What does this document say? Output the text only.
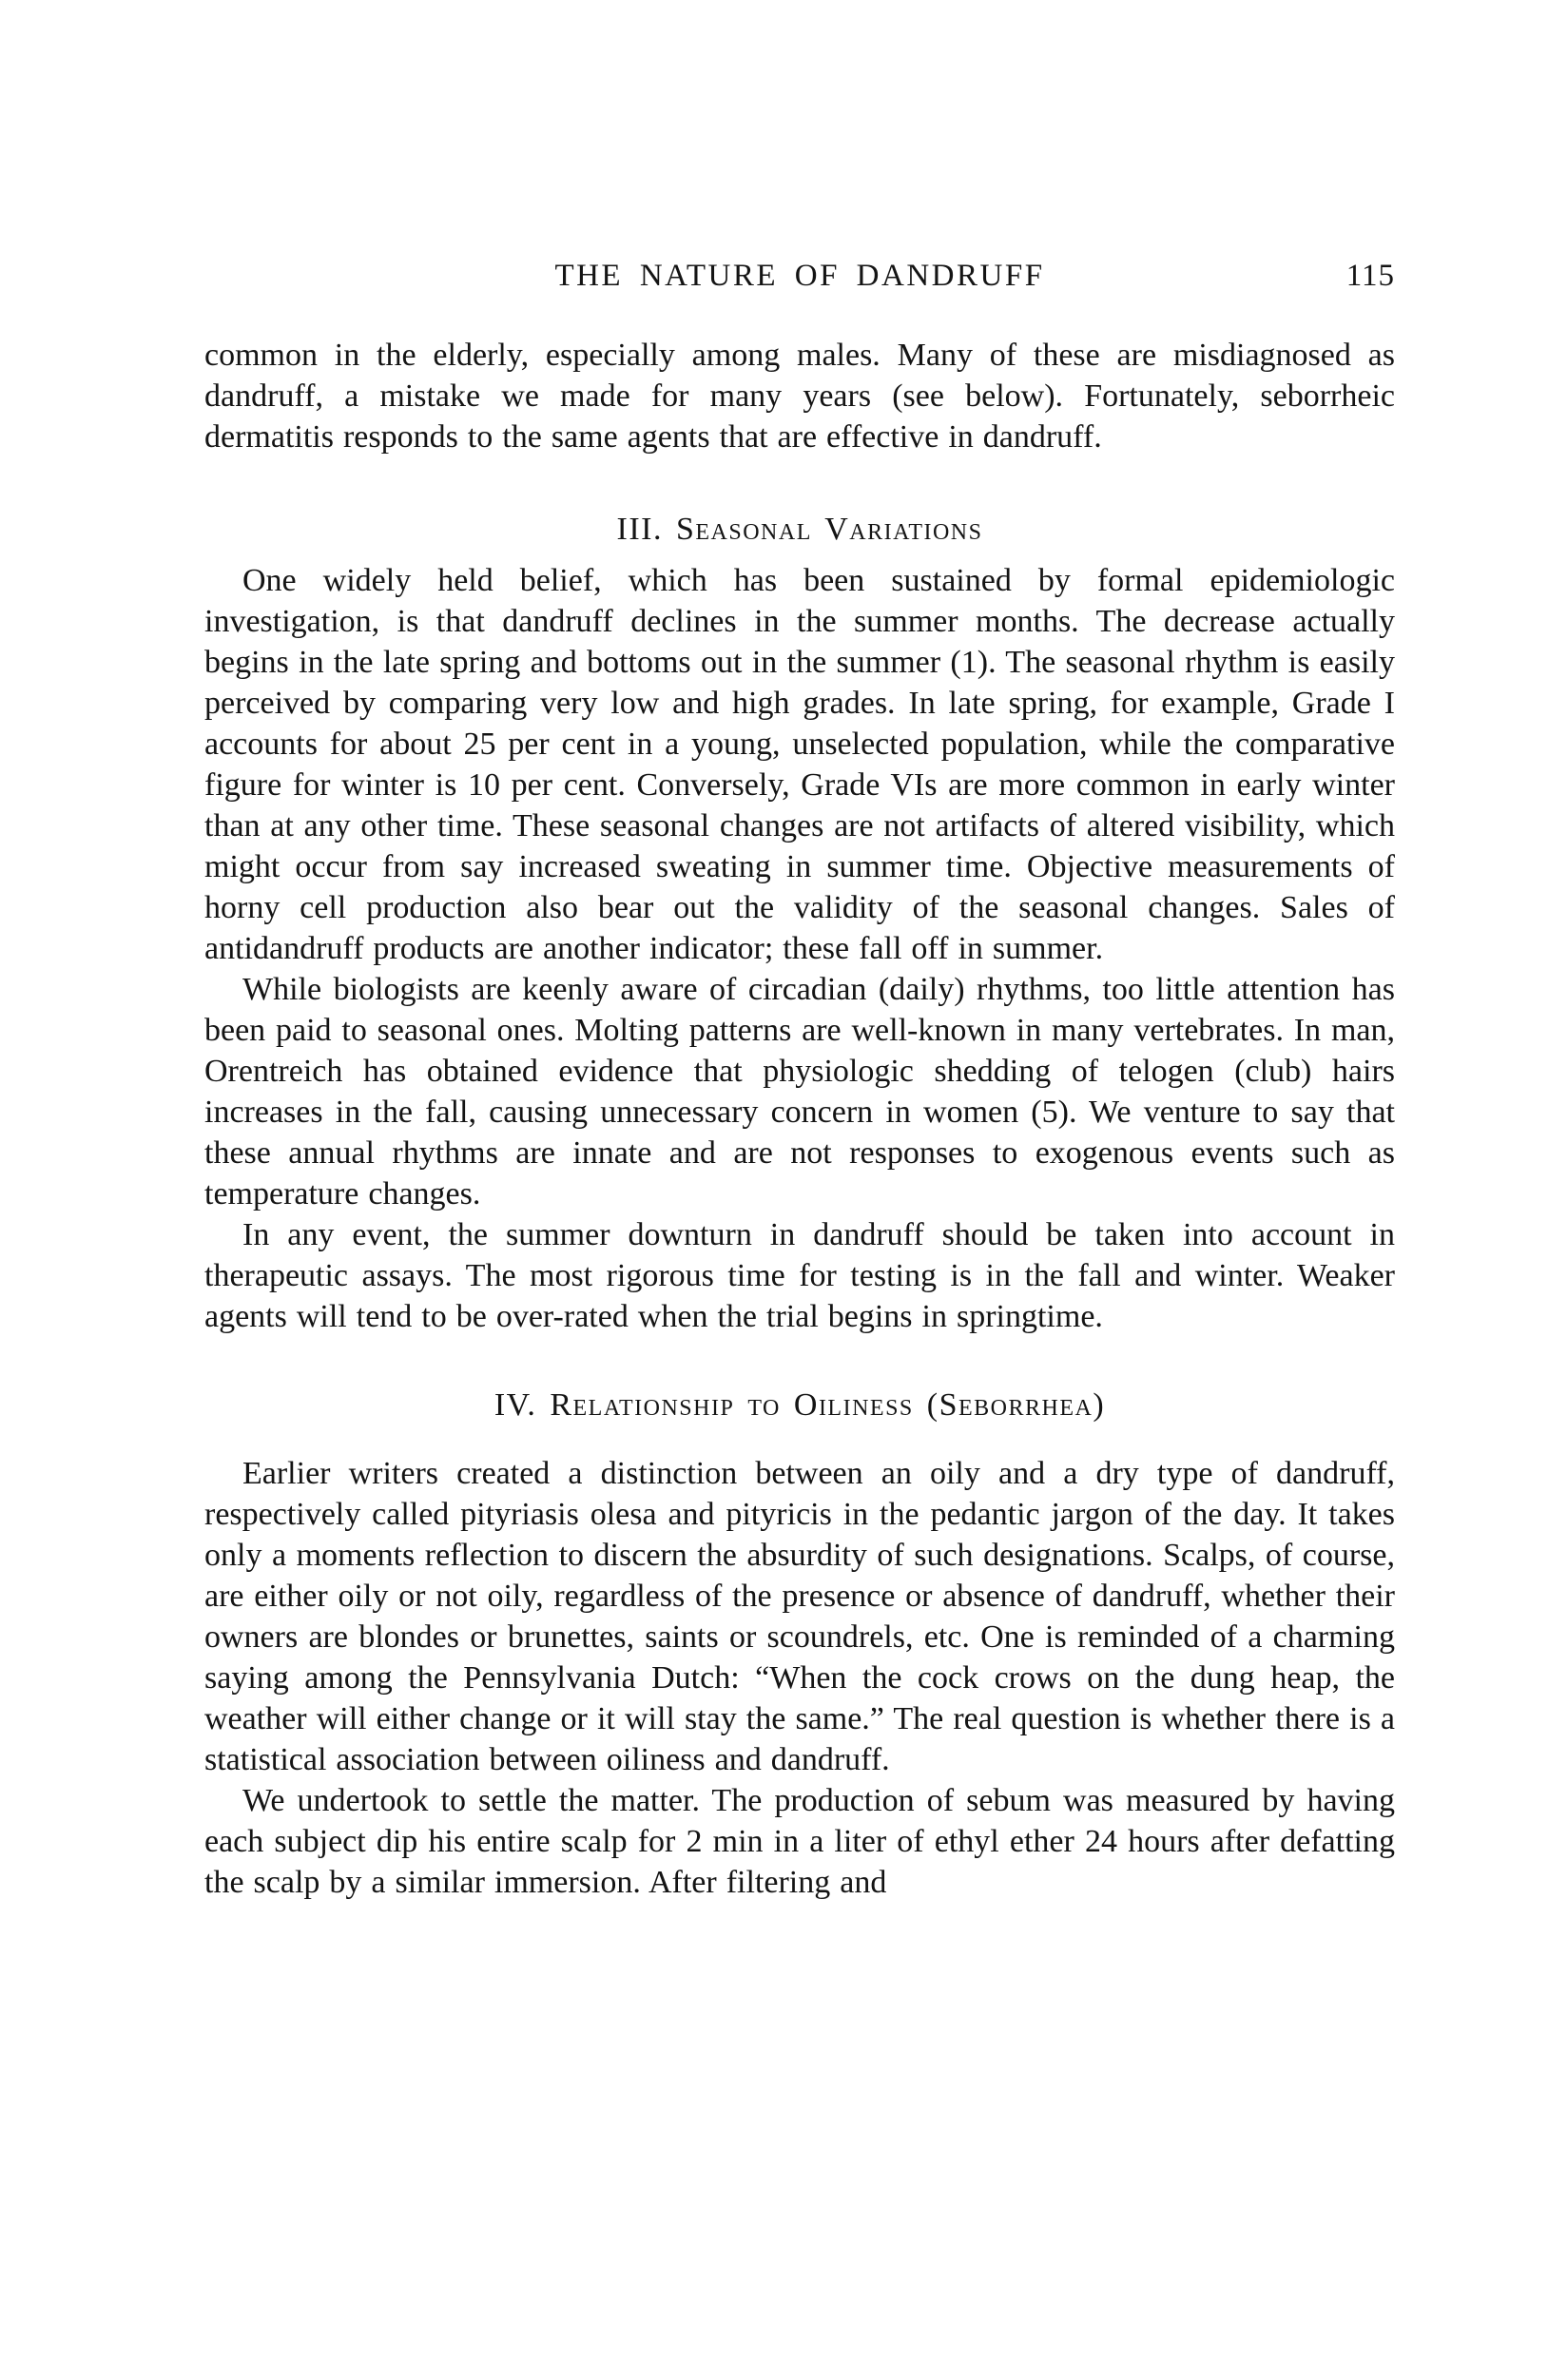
THE NATURE OF DANDRUFF	115

common in the elderly, especially among males. Many of these are misdiagnosed as dandruff, a mistake we made for many years (see below). Fortunately, seborrheic dermatitis responds to the same agents that are effective in dandruff.

III. Seasonal Variations

One widely held belief, which has been sustained by formal epidemiologic investigation, is that dandruff declines in the summer months. The decrease actually begins in the late spring and bottoms out in the summer (1). The seasonal rhythm is easily perceived by comparing very low and high grades. In late spring, for example, Grade I accounts for about 25 per cent in a young, unselected population, while the comparative figure for winter is 10 per cent. Conversely, Grade VIs are more common in early winter than at any other time. These seasonal changes are not artifacts of altered visibility, which might occur from say increased sweating in summer time. Objective measurements of horny cell production also bear out the validity of the seasonal changes. Sales of antidandruff products are another indicator; these fall off in summer.

While biologists are keenly aware of circadian (daily) rhythms, too little attention has been paid to seasonal ones. Molting patterns are well-known in many vertebrates. In man, Orentreich has obtained evidence that physiologic shedding of telogen (club) hairs increases in the fall, causing unnecessary concern in women (5). We venture to say that these annual rhythms are innate and are not responses to exogenous events such as temperature changes.

In any event, the summer downturn in dandruff should be taken into account in therapeutic assays. The most rigorous time for testing is in the fall and winter. Weaker agents will tend to be over-rated when the trial begins in springtime.

IV. Relationship to Oiliness (Seborrhea)

Earlier writers created a distinction between an oily and a dry type of dandruff, respectively called pityriasis olesa and pityricis in the pedantic jargon of the day. It takes only a moments reflection to discern the absurdity of such designations. Scalps, of course, are either oily or not oily, regardless of the presence or absence of dandruff, whether their owners are blondes or brunettes, saints or scoundrels, etc. One is reminded of a charming saying among the Pennsylvania Dutch: “When the cock crows on the dung heap, the weather will either change or it will stay the same.” The real question is whether there is a statistical association between oiliness and dandruff.

We undertook to settle the matter. The production of sebum was measured by having each subject dip his entire scalp for 2 min in a liter of ethyl ether 24 hours after defatting the scalp by a similar immersion. After filtering and
